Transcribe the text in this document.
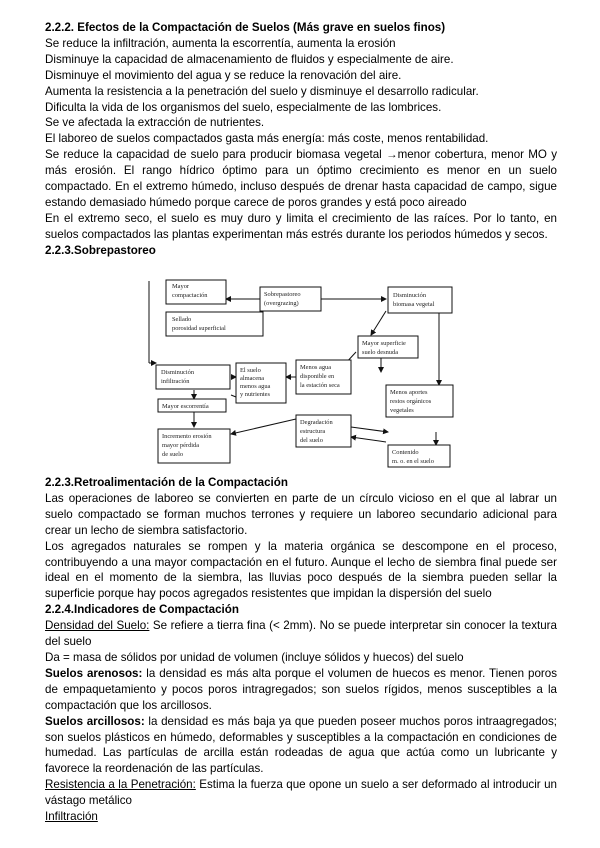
2.2.2. Efectos de la Compactación de Suelos (Más grave en suelos finos)

Se reduce la infiltración, aumenta la escorrentía, aumenta la erosión

Disminuye la capacidad de almacenamiento de fluidos y especialmente de aire.

Disminuye el movimiento del agua y se reduce la renovación del aire.

Aumenta la resistencia a la penetración del suelo y disminuye el desarrollo radicular.

Dificulta la vida de los organismos del suelo, especialmente de las lombrices.

Se ve afectada la extracción de nutrientes.

El laboreo de suelos compactados gasta más energía: más coste, menos rentabilidad.

Se reduce la capacidad de suelo para producir biomasa vegetal →menor cobertura, menor MO y más erosión. El rango hídrico óptimo para un óptimo crecimiento es menor en un suelo compactado. En el extremo húmedo, incluso después de drenar hasta capacidad de campo, sigue estando demasiado húmedo porque carece de poros grandes y está poco aireado

En el extremo seco, el suelo es muy duro y limita el crecimiento de las raíces. Por lo tanto, en suelos compactados las plantas experimentan más estrés durante los periodos húmedos y secos.

2.2.3.Sobrepastoreo

Mayor
compactación
Sellado
porosidad superficial
Sobrepastoreo
(overgrazing)
Disminución
biomasa vegetal
Mayor superficie
suelo desnuda
Disminución
infiltración
El suelo
almacena
menos agua
y nutrientes
Menos agua
disponible en
la estación seca
Menos aportes
restos orgánicos
vegetales
Mayor escorrentía
Degradación
estructura
del suelo
Incremento erosión
mayor pérdida
de suelo	Contenido
m. o. en el suelo

2.2.3.Retroalimentación de la Compactación

Las operaciones de laboreo se convierten en parte de un círculo vicioso en el que al labrar un suelo compactado se forman muchos terrones y requiere un laboreo secundario adicional para crear un lecho de siembra satisfactorio.

Los agregados naturales se rompen y la materia orgánica se descompone en el proceso, contribuyendo a una mayor compactación en el futuro. Aunque el lecho de siembra final puede ser ideal en el momento de la siembra, las lluvias poco después de la siembra pueden sellar la superficie porque hay pocos agregados resistentes que impidan la dispersión del suelo

2.2.4.Indicadores de Compactación

Densidad del Suelo: Se refiere a tierra fina (< 2mm). No se puede interpretar sin conocer la textura del suelo

Da = masa de sólidos por unidad de volumen (incluye sólidos y huecos) del suelo

Suelos arenosos: la densidad es más alta porque el volumen de huecos es menor. Tienen poros de empaquetamiento y pocos poros intragregados; son suelos rígidos, menos susceptibles a la compactación que los arcillosos.

Suelos arcillosos: la densidad es más baja ya que pueden poseer muchos poros intraagregados; son suelos plásticos en húmedo, deformables y susceptibles a la compactación en condiciones de humedad. Las partículas de arcilla están rodeadas de agua que actúa como un lubricante y favorece la reordenación de las partículas.

Resistencia a la Penetración: Estima la fuerza que opone un suelo a ser deformado al introducir un vástago metálico

Infiltración
